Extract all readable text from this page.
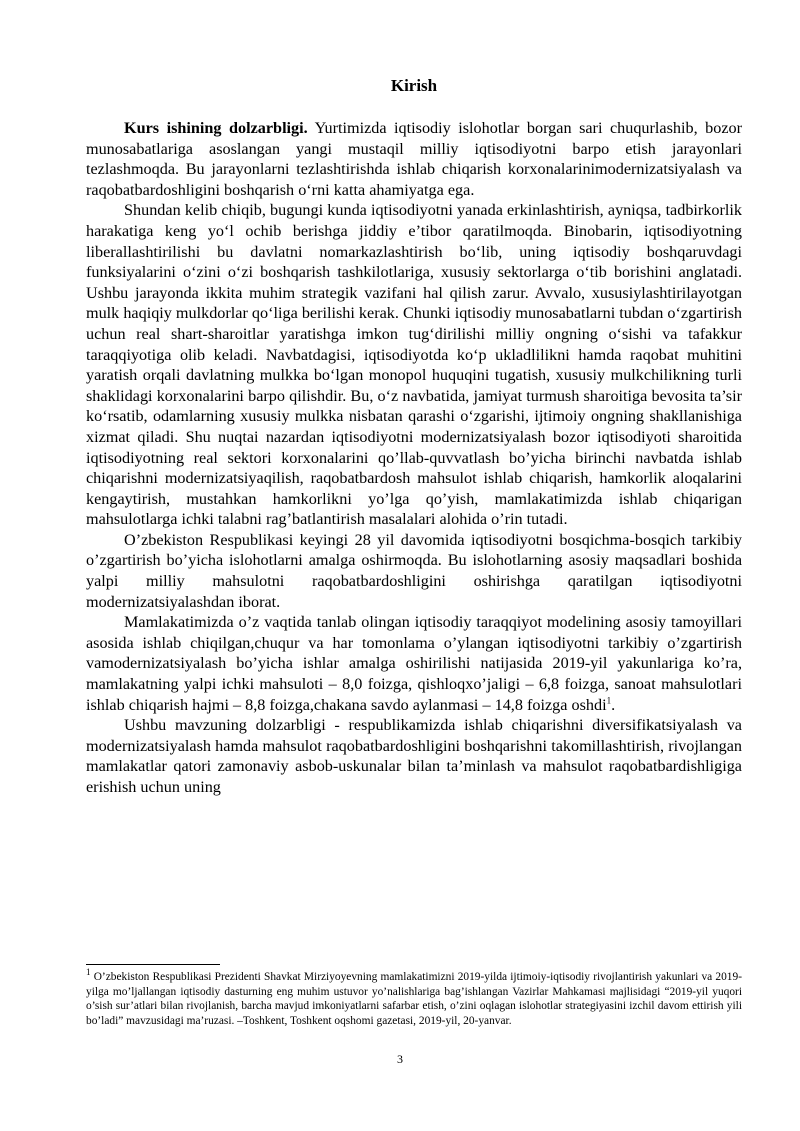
Kirish

Kurs ishining dolzarbligi. Yurtimizda iqtisodiy islohotlar borgan sari chuqurlashib, bozor munosabatlariga asoslangan yangi mustaqil milliy iqtisodiyotni barpo etish jarayonlari tezlashmoqda. Bu jarayonlarni tezlashtirishda ishlab chiqarish korxonalarinimodernizatsiyalash va raqobatbardoshligini boshqarish o‘rni katta ahamiyatga ega.

Shundan kelib chiqib, bugungi kunda iqtisodiyotni yanada erkinlashtirish, ayniqsa, tadbirkorlik harakatiga keng yo‘l ochib berishga jiddiy e’tibor qaratilmoqda. Binobarin, iqtisodiyotning liberallashtirilishi bu davlatni nomarkazlashtirish bo‘lib, uning iqtisodiy boshqaruvdagi funksiyalarini o‘zini o‘zi boshqarish tashkilotlariga, xususiy sektorlarga o‘tib borishini anglatadi. Ushbu jarayonda ikkita muhim strategik vazifani hal qilish zarur. Avvalo, xususiylashtirilayotgan mulk haqiqiy mulkdorlar qo‘liga berilishi kerak. Chunki iqtisodiy munosabatlarni tubdan o‘zgartirish uchun real shart-sharoitlar yaratishga imkon tug‘dirilishi milliy ongning o‘sishi va tafakkur taraqqiyotiga olib keladi. Navbatdagisi, iqtisodiyotda ko‘p ukladlilikni hamda raqobat muhitini yaratish orqali davlatning mulkka bo‘lgan monopol huquqini tugatish, xususiy mulkchilikning turli shaklidagi korxonalarini barpo qilishdir. Bu, o‘z navbatida, jamiyat turmush sharoitiga bevosita ta’sir ko‘rsatib, odamlarning xususiy mulkka nisbatan qarashi o‘zgarishi, ijtimoiy ongning shakllanishiga xizmat qiladi. Shu nuqtai nazardan iqtisodiyotni modernizatsiyalash bozor iqtisodiyoti sharoitida iqtisodiyotning real sektori korxonalarini qo’llab-quvvatlash bo’yicha birinchi navbatda ishlab chiqarishni modernizatsiyaqilish, raqobatbardosh mahsulot ishlab chiqarish, hamkorlik aloqalarini kengaytirish, mustahkan hamkorlikni yo’lga qo’yish, mamlakatimizda ishlab chiqarigan mahsulotlarga ichki talabni rag’batlantirish masalalari alohida o’rin tutadi.

O’zbekiston Respublikasi keyingi 28 yil davomida iqtisodiyotni bosqichma-bosqich tarkibiy o’zgartirish bo’yicha islohotlarni amalga oshirmoqda. Bu islohotlarning asosiy maqsadlari boshida yalpi milliy mahsulotni raqobatbardoshligini oshirishga qaratilgan iqtisodiyotni modernizatsiyalashdan iborat.

Mamlakatimizda o’z vaqtida tanlab olingan iqtisodiy taraqqiyot modelining asosiy tamoyillari asosida ishlab chiqilgan,chuqur va har tomonlama o’ylangan iqtisodiyotni tarkibiy o’zgartirish vamodernizatsiyalash bo’yicha ishlar amalga oshirilishi natijasida 2019-yil yakunlariga ko’ra, mamlakatning yalpi ichki mahsuloti – 8,0 foizga, qishloqxo’jaligi – 6,8 foizga, sanoat mahsulotlari ishlab chiqarish hajmi – 8,8 foizga,chakana savdo aylanmasi – 14,8 foizga oshdi$^1$.

Ushbu mavzuning dolzarbligi - respublikamizda ishlab chiqarishni diversifikatsiyalash va modernizatsiyalash hamda mahsulot raqobatbardoshligini boshqarishni takomillashtirish, rivojlangan mamlakatlar qatori zamonaviy asbob-uskunalar bilan ta’minlash va mahsulot raqobatbardishligiga erishish uchun uning

$^1$ O’zbekiston Respublikasi Prezidenti Shavkat Mirziyoyevning mamlakatimizni 2019-yilda ijtimoiy-iqtisodiy rivojlantirish yakunlari va 2019-yilga mo’ljallangan iqtisodiy dasturning eng muhim ustuvor yo’nalishlariga bag’ishlangan Vazirlar Mahkamasi majlisidagi “2019-yil yuqori o’sish sur’atlari bilan rivojlanish, barcha mavjud imkoniyatlarni safarbar etish, o’zini oqlagan islohotlar strategiyasini izchil davom ettirish yili bo’ladi” mavzusidagi ma’ruzasi. –Toshkent, Toshkent oqshomi gazetasi, 2019-yil, 20-yanvar.

3
